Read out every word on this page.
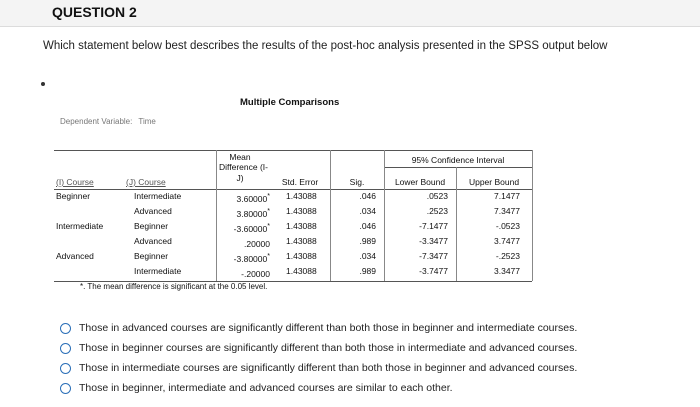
QUESTION 2
Which statement below best describes the results of the post-hoc analysis presented in the SPSS output below
Multiple Comparisons
Dependent Variable: Time
Mean
Difference (I-
J)
95% Confidence Interval
(I) Course	(J) Course	Std. Error	Sig.	Lower Bound	Upper Bound
Beginner	Intermediate	3.60000* 1.43088	.046	.0523	7.1477
Advanced	3.80000* 1.43088	.034	.2523	7.3477
Intermediate	Beginner	-3.60000* 1.43088	.046	-7.1477	-.0523
Advanced	.20000 1.43088	.989	-3.3477	3.7477
Advanced	Beginner	-3.80000* 1.43088	.034	-7.3477	-.2523
Intermediate	-.20000 1.43088	.989	-3.7477	3.3477
*. The mean difference is significant at the 0.05 level.
Those in advanced courses are significantly different than both those in beginner and intermediate courses.
Those in beginner courses are significantly different than both those in intermediate and advanced courses.
Those in intermediate courses are significantly different than both those in beginner and advanced courses.
Those in beginner, intermediate and advanced courses are similar to each other.
